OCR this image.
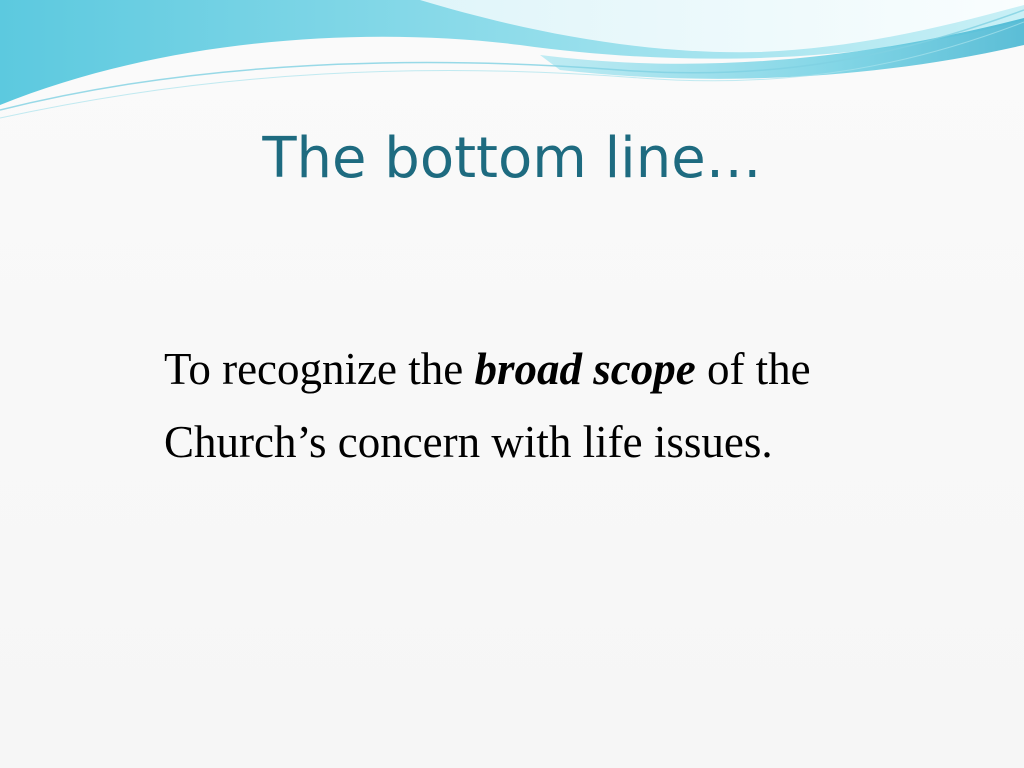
The bottom line…

To recognize the broad scope of the Church’s concern with life issues.
